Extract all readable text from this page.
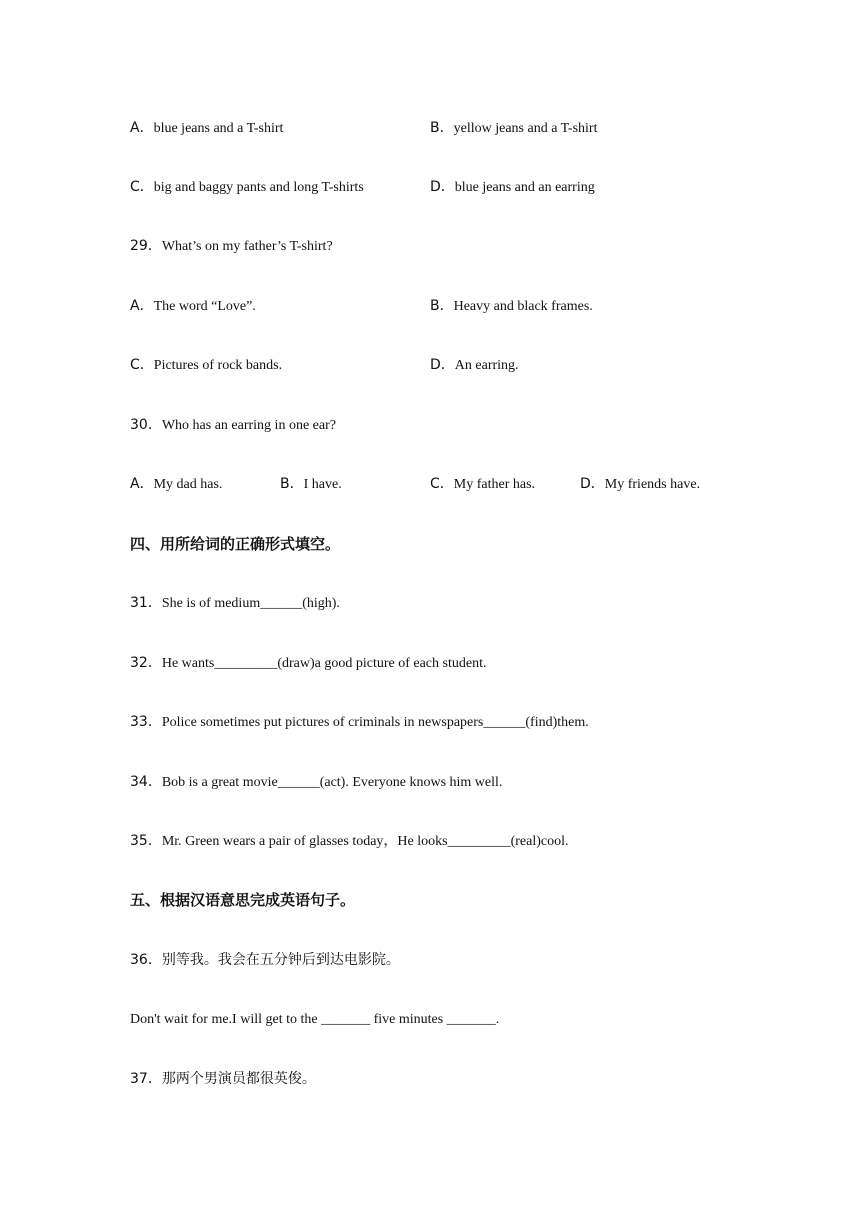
A．blue jeans and a T-shirt	B．yellow jeans and a T-shirt
C．big and baggy pants and long T-shirts	D．blue jeans and an earring
29．What’s on my father’s T-shirt?
A．The word “Love”.	B．Heavy and black frames.
C．Pictures of rock bands.	D．An earring.
30．Who has an earring in one ear?
A．My dad has.	B．I have.	C．My father has.	D．My friends have.
四、用所给词的正确形式填空。
31．She is of medium______(high).
32．He wants_________(draw)a good picture of each student.
33．Police sometimes put pictures of criminals in newspapers______(find)them.
34．Bob is a great movie______(act). Everyone knows him well.
35．Mr. Green wears a pair of glasses today，He looks_________(real)cool.
五、根据汉语意思完成英语句子。
36．别等我。我会在五分钟后到达电影院。
Don't wait for me.I will get to the _______ five minutes _______.
37．那两个男演员都很英俊。
